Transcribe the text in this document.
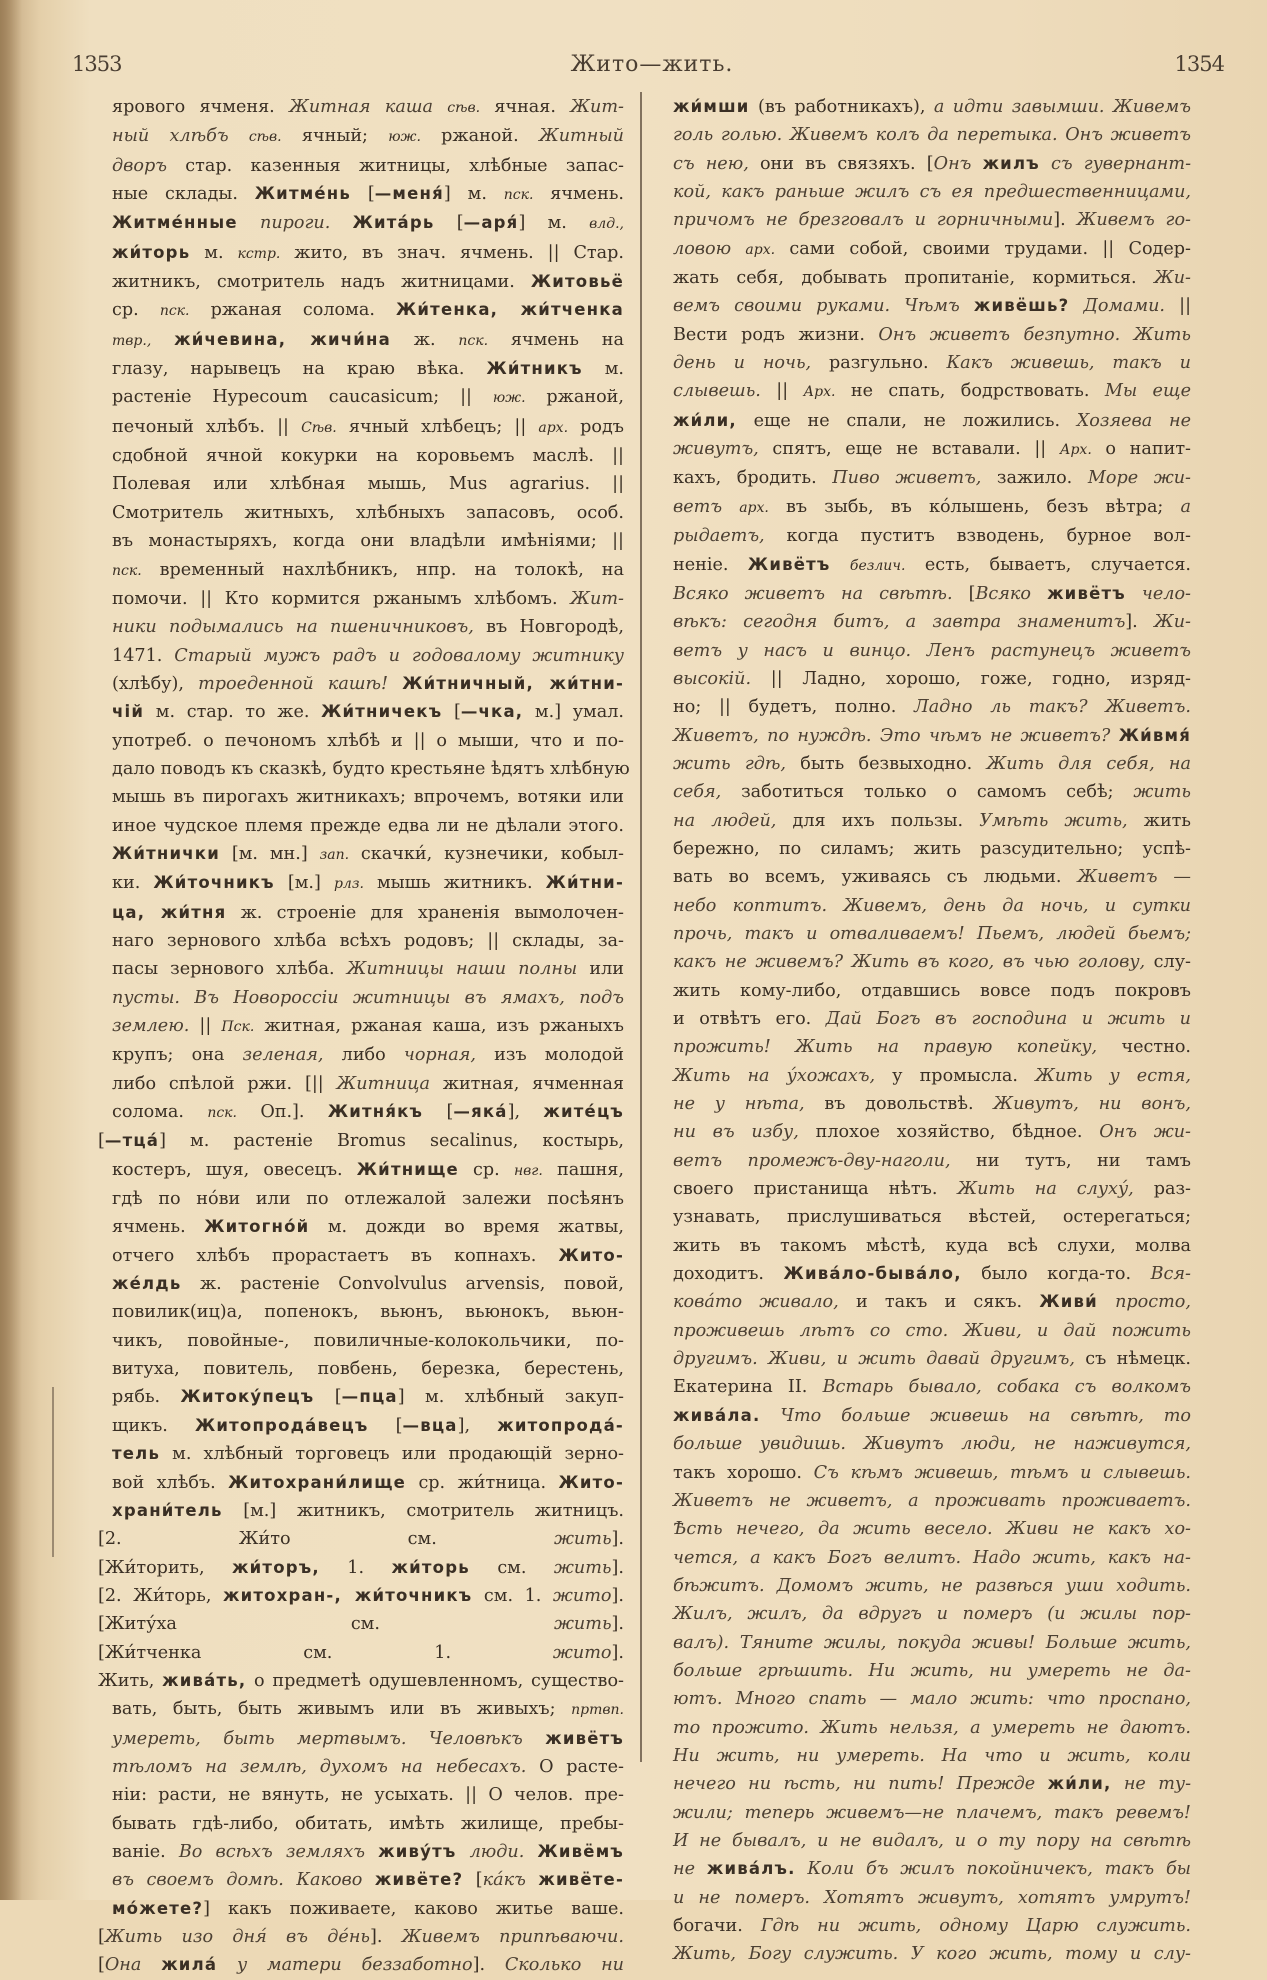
1353	Жито—жить.	1354
ярового ячменя. Житная каша сѣв. ячная. Жит-
ный хлѣбъ сѣв. ячный; юж. ржаной. Житный
дворъ стар. казенныя житницы, хлѣбные запас-
ные склады. Житме́нь [—меня́] м. пск. ячмень.
Житме́нные пироги. Жита́рь [—аря́] м. влд.,
жи́торь м. кстр. жито, въ знач. ячмень. || Стар.
житникъ, смотритель надъ житницами. Житовьё
ср. пск. ржаная солома. Жи́тенка, жи́тченка
твр., жи́чевина, жичи́на ж. пск. ячмень на
глазу, нарывецъ на краю вѣка. Жи́тникъ м.
растеніе Hypecoum caucasicum; || юж. ржаной,
печоный хлѣбъ. || Сѣв. ячный хлѣбецъ; || арх. родъ
сдобной ячной кокурки на коровьемъ маслѣ. ||
Полевая или хлѣбная мышь, Mus agrarius. ||
Смотритель житныхъ, хлѣбныхъ запасовъ, особ.
въ монастыряхъ, когда они владѣли имѣніями; ||
пск. временный нахлѣбникъ, нпр. на толокѣ, на
помочи. || Кто кормится ржанымъ хлѣбомъ. Жит-
ники подымались на пшеничниковъ, въ Новгородѣ,
1471. Старый мужъ радъ и годовалому житнику
(хлѣбу), троеденной кашѣ! Жи́тничный, жи́тни-
чій м. стар. то же. Жи́тничекъ [—чка, м.] умал.
употреб. о печономъ хлѣбѣ и || о мыши, что и по-
дало поводъ къ сказкѣ, будто крестьяне ѣдятъ хлѣбную
мышь въ пирогахъ житникахъ; впрочемъ, вотяки или
иное чудское племя прежде едва ли не дѣлали этого.
Жи́тнички [м. мн.] зап. скачки́, кузнечики, кобыл-
ки. Жи́точникъ [м.] рлз. мышь житникъ. Жи́тни-
ца, жи́тня ж. строеніе для храненія вымолочен-
наго зернового хлѣба всѣхъ родовъ; || склады, за-
пасы зернового хлѣба. Житницы наши полны или
пусты. Въ Новороссіи житницы въ ямахъ, подъ
землею. || Пск. житная, ржаная каша, изъ ржаныхъ
крупъ; она зеленая, либо чорная, изъ молодой
либо спѣлой ржи. [|| Житница житная, ячменная
солома. пск. Оп.]. Житня́къ [—яка́], жите́цъ
[—тца́] м. растеніе Bromus secalinus, костырь,
костеръ, шуя, овесецъ. Жи́тнище ср. нвг. пашня,
гдѣ по но́ви или по отлежалой залежи посѣянъ
ячмень. Житогно́й м. дожди во время жатвы,
отчего хлѣбъ прорастаетъ въ копнахъ. Жито-
же́лдь ж. растеніе Convolvulus arvensis, повой,
повилик(иц)а, попенокъ, вьюнъ, вьюнокъ, вьюн-
чикъ, повойные-, повиличные-колокольчики, по-
витуха, повитель, повбень, березка, берестень,
рябь. Житоку́пецъ [—пца] м. хлѣбный закуп-
щикъ. Житопрода́вецъ [—вца], житопрода́-
тель м. хлѣбный торговецъ или продающій зерно-
вой хлѣбъ. Житохрани́лище ср. жи́тница. Жито-
храни́тель [м.] житникъ, смотритель житницъ.
[2. Жи́то см. жить].
[Жи́торить, жи́торъ, 1. жи́торь см. жить].
[2. Жи́торь, житохран-, жи́точникъ см. 1. жито].
[Житу́ха см. жить].
[Жи́тченка см. 1. жито].
Жить, жива́ть, о предметѣ одушевленномъ, существо-
вать, быть, быть живымъ или въ живыхъ; пртвп.
умереть, быть мертвымъ. Человѣкъ живётъ
тѣломъ на землѣ, духомъ на небесахъ. О расте-
ніи: расти, не вянуть, не усыхать. || О челов. пре-
бывать гдѣ-либо, обитать, имѣть жилище, пребы-
ваніе. Во всѣхъ земляхъ живу́тъ люди. Живёмъ
въ своемъ домѣ. Каково живёте? [ка́къ живёте-
мо́жете?] какъ поживаете, каково житье ваше.
[Жить изо дня́ въ де́нь]. Живемъ припѣваючи.
[Она жила́ у матери беззаботно]. Сколько ни
жи́мши (въ работникахъ), а идти завымши. Живемъ
голь голью. Живемъ колъ да перетыка. Онъ живетъ
съ нею, они въ связяхъ. [Онъ жилъ съ гувернант-
кой, какъ раньше жилъ съ ея предшественницами,
причомъ не брезговалъ и горничными]. Живемъ го-
ловою арх. сами собой, своими трудами. || Содер-
жать себя, добывать пропитаніе, кормиться. Жи-
вемъ своими руками. Чѣмъ живёшь? Домами. ||
Вести родъ жизни. Онъ живетъ безпутно. Жить
день и ночь, разгульно. Какъ живешь, такъ и
слывешь. || Арх. не спать, бодрствовать. Мы еще
жи́ли, еще не спали, не ложились. Хозяева не
живутъ, спятъ, еще не вставали. || Арх. о напит-
кахъ, бродить. Пиво живетъ, зажило. Море жи-
ветъ арх. въ зыбь, въ ко́лышень, безъ вѣтра; а
рыдаетъ, когда пуститъ взводень, бурное вол-
неніе. Живётъ безлич. есть, бываетъ, случается.
Всяко живетъ на свѣтѣ. [Всяко живётъ чело-
вѣкъ: сегодня битъ, а завтра знаменитъ]. Жи-
ветъ у насъ и винцо. Ленъ растунецъ живетъ
высокій. || Ладно, хорошо, гоже, годно, изряд-
но; || будетъ, полно. Ладно ль такъ? Живетъ.
Живетъ, по нуждѣ. Это чѣмъ не живетъ? Жи́вмя́
жить гдѣ, быть безвыходно. Жить для себя, на
себя, заботиться только о самомъ себѣ; жить
на людей, для ихъ пользы. Умѣть жить, жить
бережно, по силамъ; жить разсудительно; успѣ-
вать во всемъ, уживаясь съ людьми. Живетъ —
небо коптитъ. Живемъ, день да ночь, и сутки
прочь, такъ и отваливаемъ! Пьемъ, людей бьемъ;
какъ не живемъ? Жить въ кого, въ чью голову, слу-
жить кому-либо, отдавшись вовсе подъ покровъ
и отвѣтъ его. Дай Богъ въ господина и жить и
прожить! Жить на правую копейку, честно.
Жить на у́хожахъ, у промысла. Жить у естя,
не у нѣта, въ довольствѣ. Живутъ, ни вонъ,
ни въ избу, плохое хозяйство, бѣдное. Онъ жи-
ветъ промежъ-дву-наголи, ни тутъ, ни тамъ
своего пристанища нѣтъ. Жить на слуху́, раз-
узнавать, прислушиваться вѣстей, остерегаться;
жить въ такомъ мѣстѣ, куда всѣ слухи, молва
доходитъ. Жива́ло-быва́ло, было когда-то. Вся-
кова́то живало, и такъ и сякъ. Живи́ просто,
проживешь лѣтъ со сто. Живи, и дай пожить
другимъ. Живи, и жить давай другимъ, съ нѣмецк.
Екатерина II. Встарь бывало, собака съ волкомъ
жива́ла. Что больше живешь на свѣтѣ, то
больше увидишь. Живутъ люди, не наживутся,
такъ хорошо. Съ кѣмъ живешь, тѣмъ и слывешь.
Живетъ не живетъ, а проживать проживаетъ.
Ѣсть нечего, да жить весело. Живи не какъ хо-
чется, а какъ Богъ велитъ. Надо жить, какъ на-
бѣжитъ. Домомъ жить, не развѣся уши ходить.
Жилъ, жилъ, да вдругъ и померъ (и жилы пор-
валъ). Тяните жилы, покуда живы! Больше жить,
больше грѣшить. Ни жить, ни умереть не да-
ютъ. Много спать — мало жить: что проспано,
то прожито. Жить нельзя, а умереть не даютъ.
Ни жить, ни умереть. На что и жить, коли
нечего ни ѣсть, ни пить! Прежде жи́ли, не ту-
жили; теперь живемъ—не плачемъ, такъ ревемъ!
И не бывалъ, и не видалъ, и о ту пору на свѣтѣ
не жива́лъ. Коли бъ жилъ покойничекъ, такъ бы
и не померъ. Хотятъ живутъ, хотятъ умрутъ!
богачи. Гдѣ ни жить, одному Царю служить.
Жить, Богу служить. У кого жить, тому и слу-
